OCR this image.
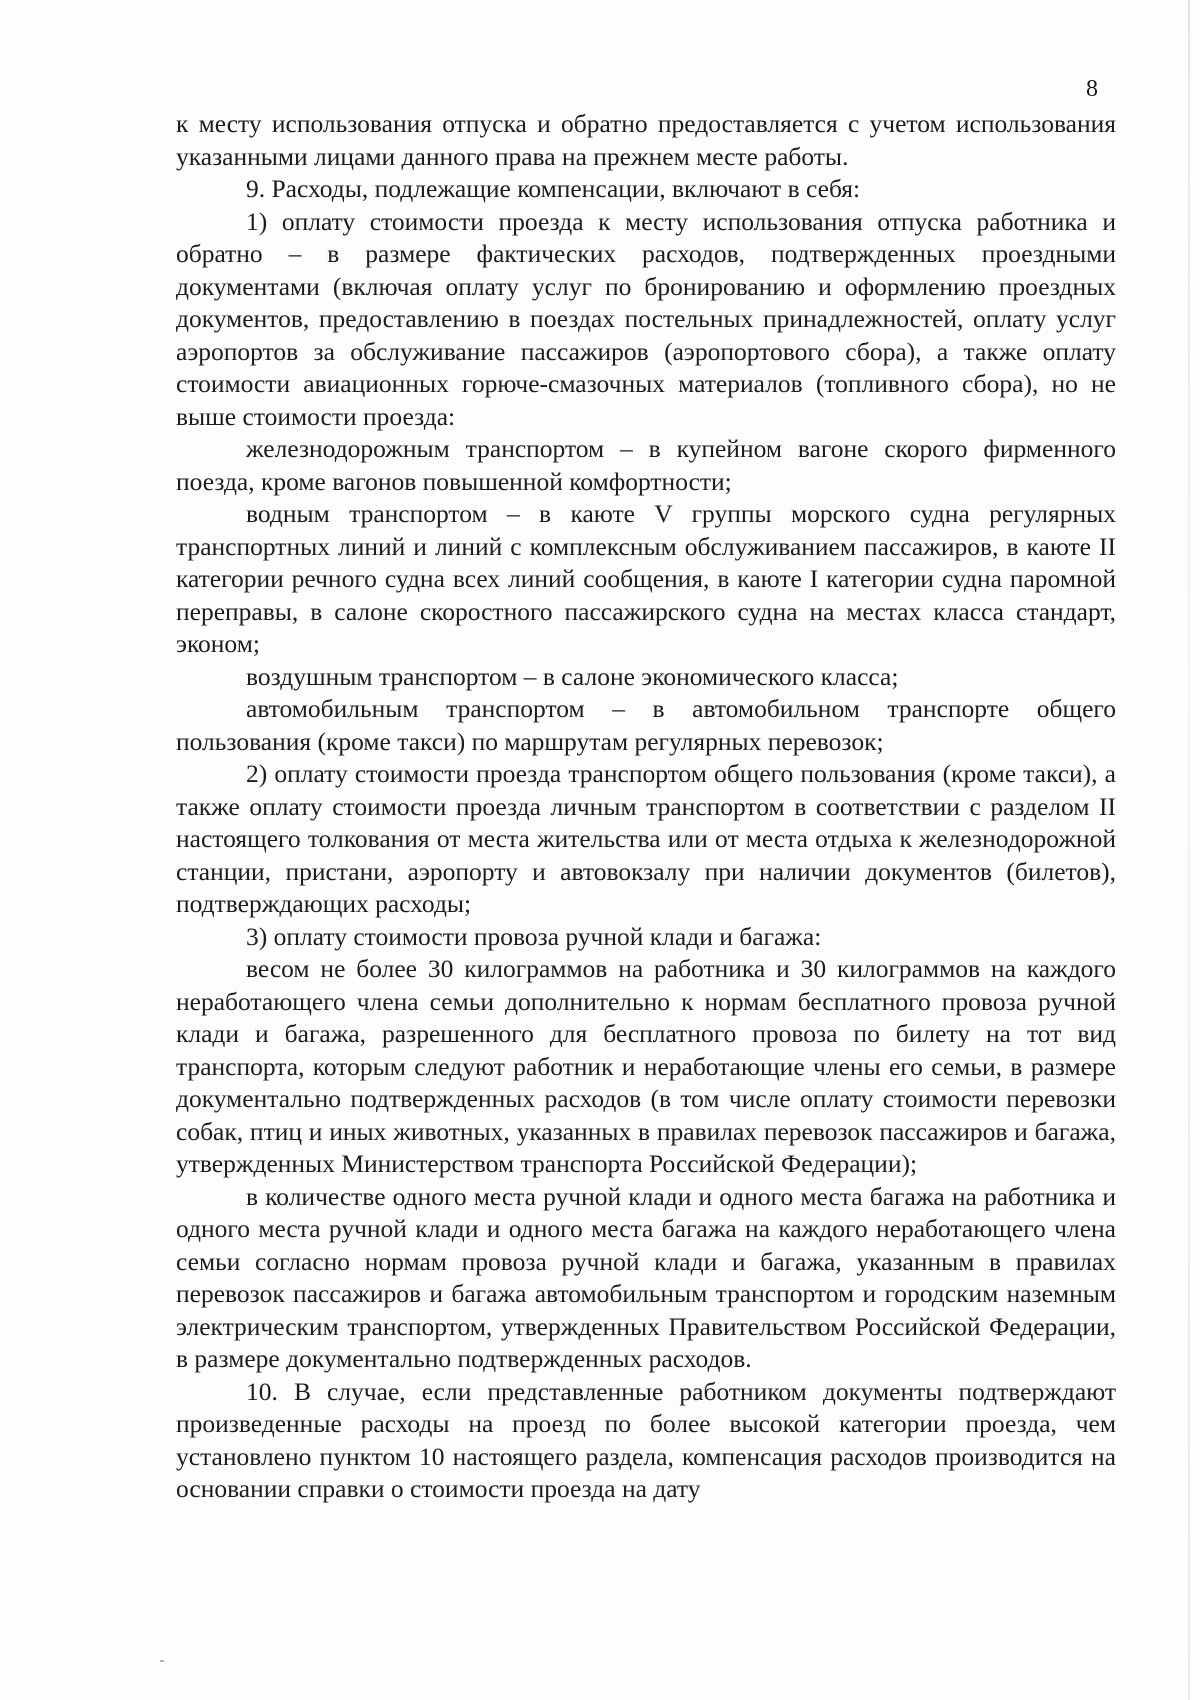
8

к месту использования отпуска и обратно предоставляется с учетом использования указанными лицами данного права на прежнем месте работы.

9. Расходы, подлежащие компенсации, включают в себя:

1) оплату стоимости проезда к месту использования отпуска работника и обратно – в размере фактических расходов, подтвержденных проездными документами (включая оплату услуг по бронированию и оформлению проездных документов, предоставлению в поездах постельных принадлежностей, оплату услуг аэропортов за обслуживание пассажиров (аэропортового сбора), а также оплату стоимости авиационных горюче-смазочных материалов (топливного сбора), но не выше стоимости проезда:

железнодорожным транспортом – в купейном вагоне скорого фирменного поезда, кроме вагонов повышенной комфортности;

водным транспортом – в каюте V группы морского судна регулярных транспортных линий и линий с комплексным обслуживанием пассажиров, в каюте II категории речного судна всех линий сообщения, в каюте I категории судна паромной переправы, в салоне скоростного пассажирского судна на местах класса стандарт, эконом;

воздушным транспортом – в салоне экономического класса;

автомобильным транспортом – в автомобильном транспорте общего пользования (кроме такси) по маршрутам регулярных перевозок;

2) оплату стоимости проезда транспортом общего пользования (кроме такси), а также оплату стоимости проезда личным транспортом в соответствии с разделом II настоящего толкования от места жительства или от места отдыха к железнодорожной станции, пристани, аэропорту и автовокзалу при наличии документов (билетов), подтверждающих расходы;

3) оплату стоимости провоза ручной клади и багажа:

весом не более 30 килограммов на работника и 30 килограммов на каждого неработающего члена семьи дополнительно к нормам бесплатного провоза ручной клади и багажа, разрешенного для бесплатного провоза по билету на тот вид транспорта, которым следуют работник и неработающие члены его семьи, в размере документально подтвержденных расходов (в том числе оплату стоимости перевозки собак, птиц и иных животных, указанных в правилах перевозок пассажиров и багажа, утвержденных Министерством транспорта Российской Федерации);

в количестве одного места ручной клади и одного места багажа на работника и одного места ручной клади и одного места багажа на каждого неработающего члена семьи согласно нормам провоза ручной клади и багажа, указанным в правилах перевозок пассажиров и багажа автомобильным транспортом и городским наземным электрическим транспортом, утвержденных Правительством Российской Федерации, в размере документально подтвержденных расходов.

10. В случае, если представленные работником документы подтверждают произведенные расходы на проезд по более высокой категории проезда, чем установлено пунктом 10 настоящего раздела, компенсация расходов производится на основании справки о стоимости проезда на дату
